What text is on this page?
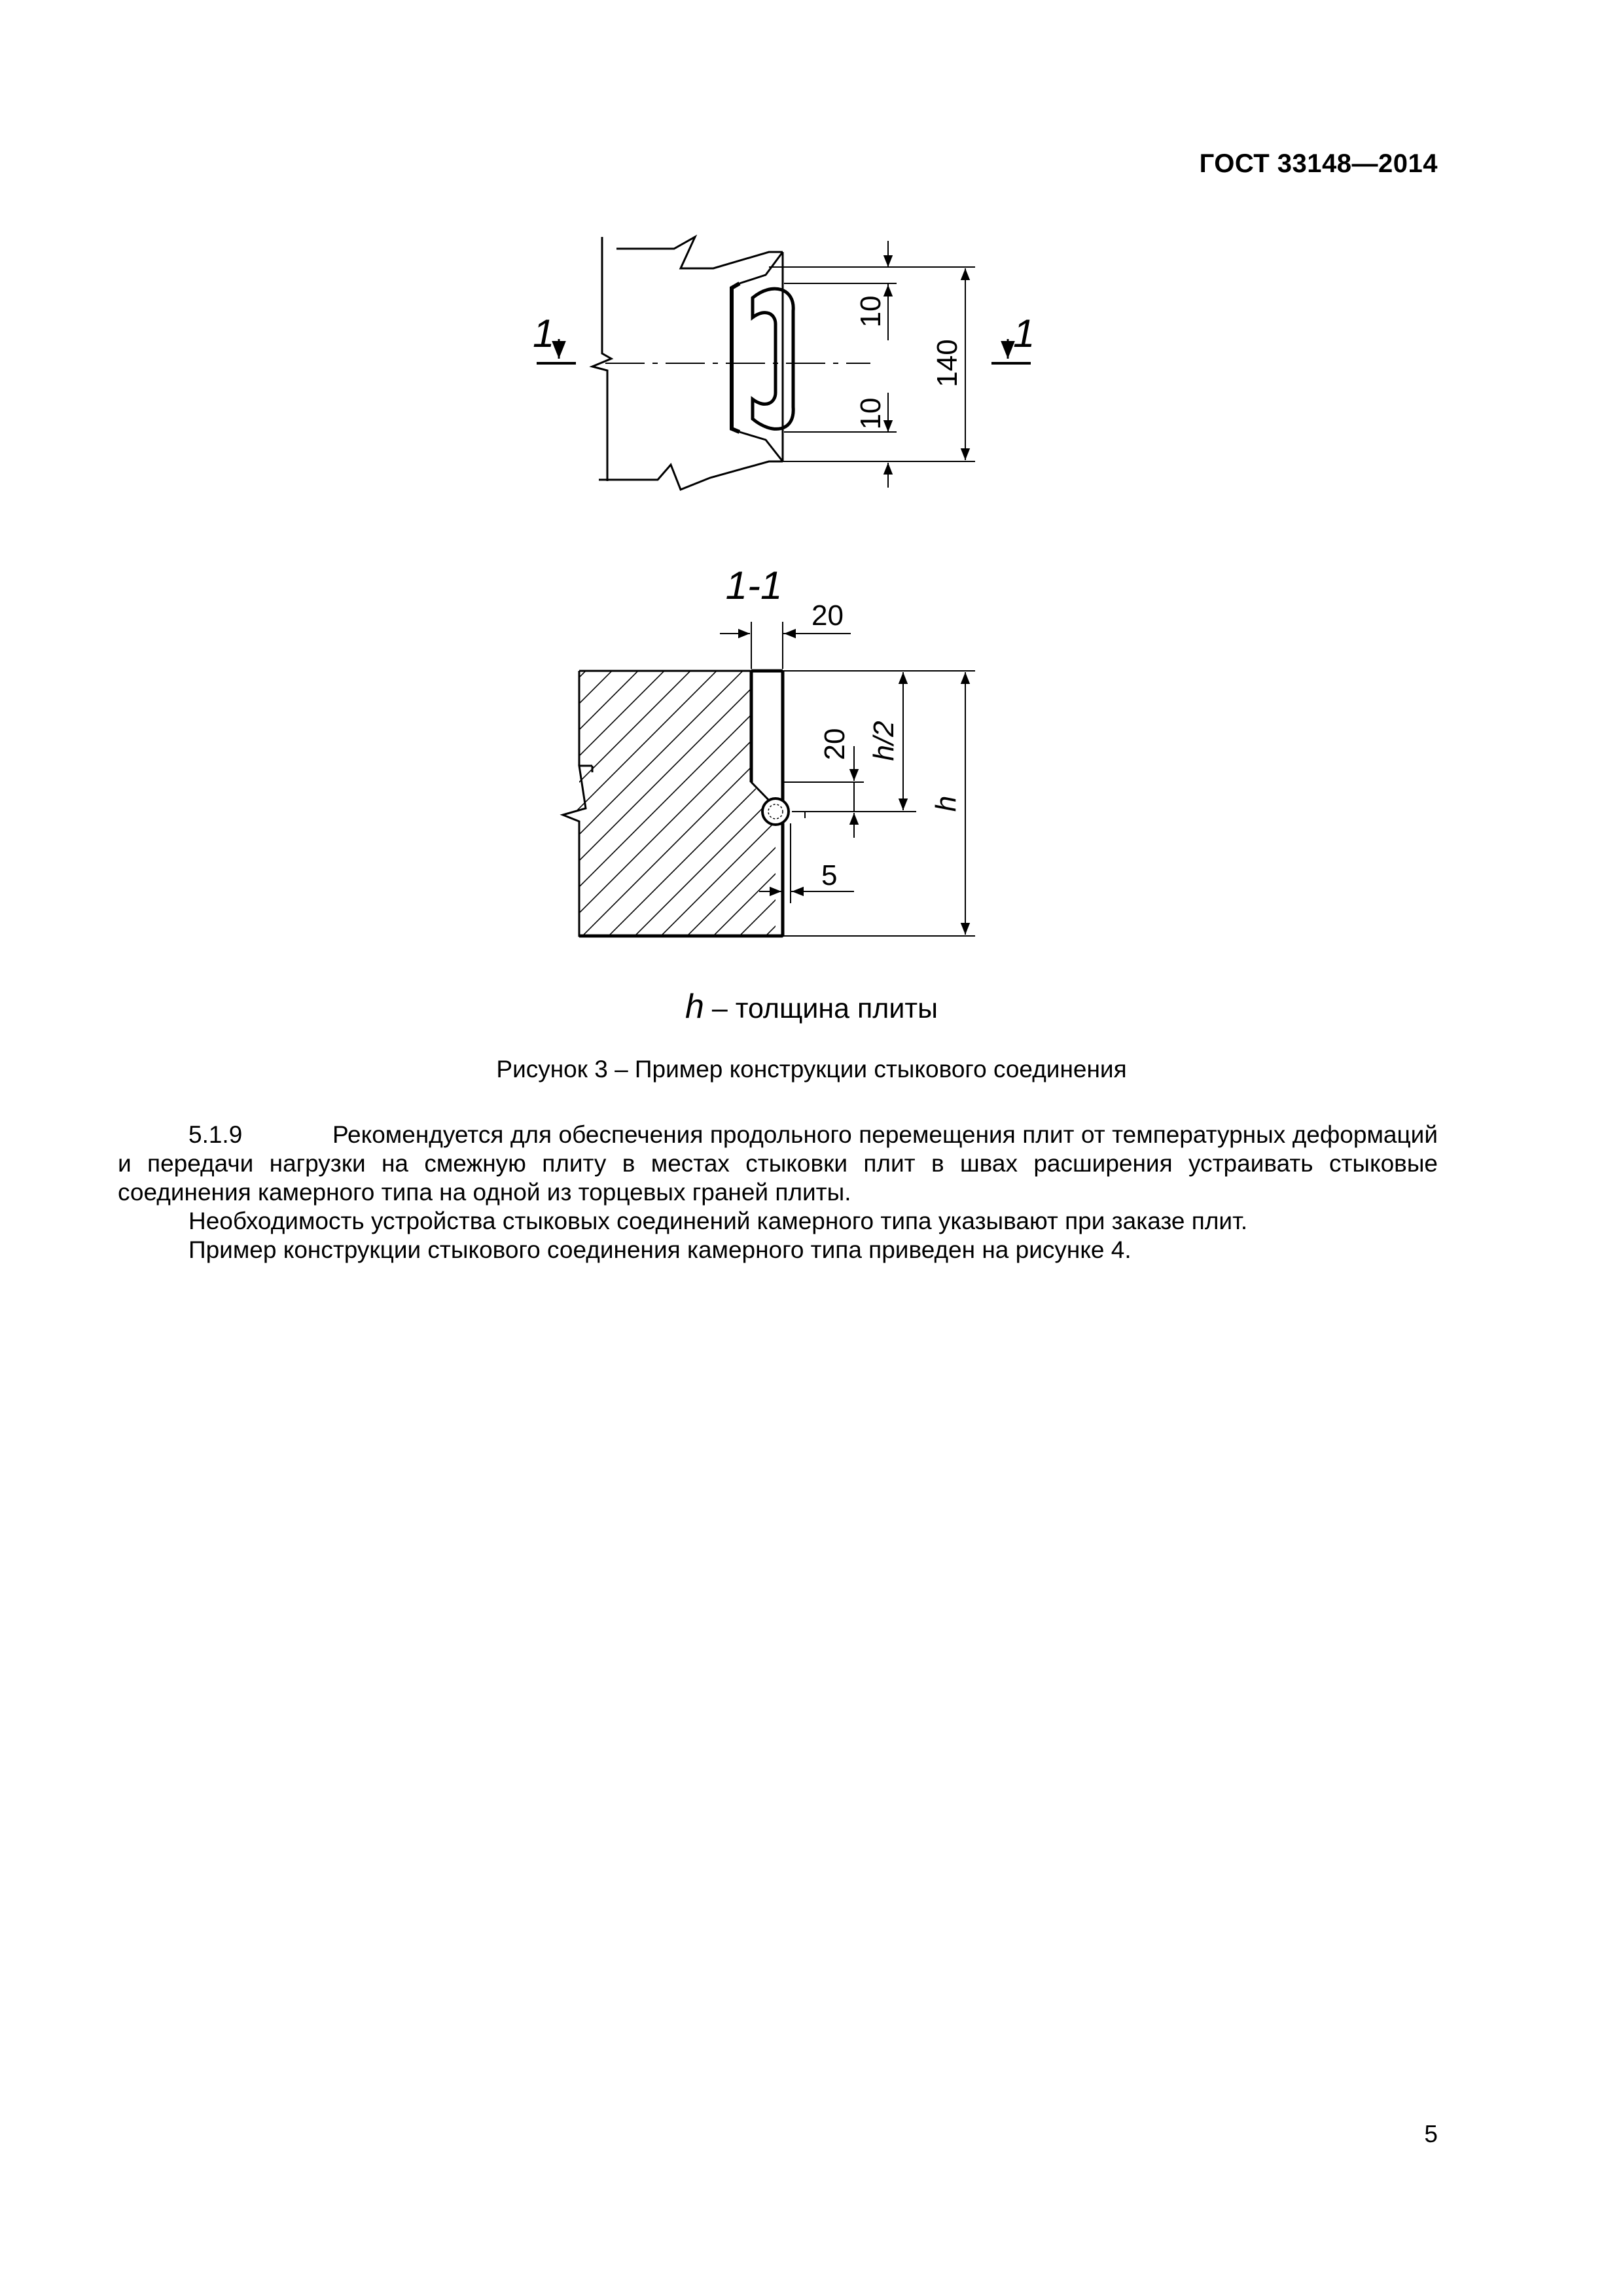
ГОСТ 33148—2014
1	1
10
10
140
1-1
20
20 h/2
h
5
h – толщина плиты
Рисунок 3 – Пример конструкции стыкового соединения

5.1.9	Рекомендуется для обеспечения продольного перемещения плит от температурных деформаций и передачи нагрузки на смежную плиту в местах стыковки плит в швах расширения устраивать стыковые соединения камерного типа на одной из торцевых граней плиты.

Необходимость устройства стыковых соединений камерного типа указывают при заказе плит.

Пример конструкции стыкового соединения камерного типа приведен на рисунке 4.

5
